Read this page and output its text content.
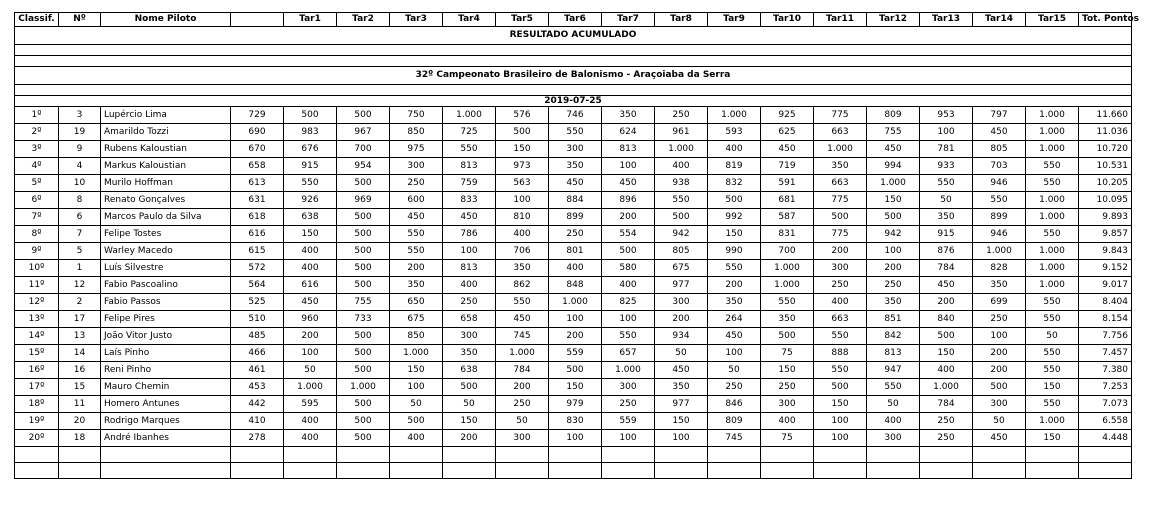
RESULTADO ACUMULADO																			

32º Campeonato Brasileiro de Balonismo - Araçoiaba da Serra																			

2019-07-25																			
Classif.	Nº	Nome Piloto		Tar1	Tar2	Tar3	Tar4	Tar5	Tar6	Tar7	Tar8	Tar9	Tar10	Tar11	Tar12	Tar13	Tar14	Tar15	Tot. Pontos
1º	3	Lupércio Lima	729	500	500	750	1.000	576	746	350	250	1.000	925	775	809	953	797	1.000	11.660
2º	19	Amarildo Tozzi	690	983	967	850	725	500	550	624	961	593	625	663	755	100	450	1.000	11.036
3º	9	Rubens Kaloustian	670	676	700	975	550	150	300	813	1.000	400	450	1.000	450	781	805	1.000	10.720
4º	4	Markus Kaloustian	658	915	954	300	813	973	350	100	400	819	719	350	994	933	703	550	10.531
5º	10	Murilo Hoffman	613	550	500	250	759	563	450	450	938	832	591	663	1.000	550	946	550	10.205
6º	8	Renato Gonçalves	631	926	969	600	833	100	884	896	550	500	681	775	150	50	550	1.000	10.095
7º	6	Marcos Paulo da Silva	618	638	500	450	450	810	899	200	500	992	587	500	500	350	899	1.000	9.893
8º	7	Felipe Tostes	616	150	500	550	786	400	250	554	942	150	831	775	942	915	946	550	9.857
9º	5	Warley Macedo	615	400	500	550	100	706	801	500	805	990	700	200	100	876	1.000	1.000	9.843
10º	1	Luís Silvestre	572	400	500	200	813	350	400	580	675	550	1.000	300	200	784	828	1.000	9.152
11º	12	Fabio Pascoalino	564	616	500	350	400	862	848	400	977	200	1.000	250	250	450	350	1.000	9.017
12º	2	Fabio Passos	525	450	755	650	250	550	1.000	825	300	350	550	400	350	200	699	550	8.404
13º	17	Felipe Pires	510	960	733	675	658	450	100	100	200	264	350	663	851	840	250	550	8.154
14º	13	João Vitor Justo	485	200	500	850	300	745	200	550	934	450	500	550	842	500	100	50	7.756
15º	14	Laís Pinho	466	100	500	1.000	350	1.000	559	657	50	100	75	888	813	150	200	550	7.457
16º	16	Reni Pinho	461	50	500	150	638	784	500	1.000	450	50	150	550	947	400	200	550	7.380
17º	15	Mauro Chemin	453	1.000	1.000	100	500	200	150	300	350	250	250	500	550	1.000	500	150	7.253
18º	11	Homero Antunes	442	595	500	50	50	250	979	250	977	846	300	150	50	784	300	550	7.073
19º	20	Rodrigo Marques	410	400	500	500	150	50	830	559	150	809	400	100	400	250	50	1.000	6.558
20º	18	André Ibanhes	278	400	500	400	200	300	100	100	100	745	75	100	300	250	450	150	4.448
